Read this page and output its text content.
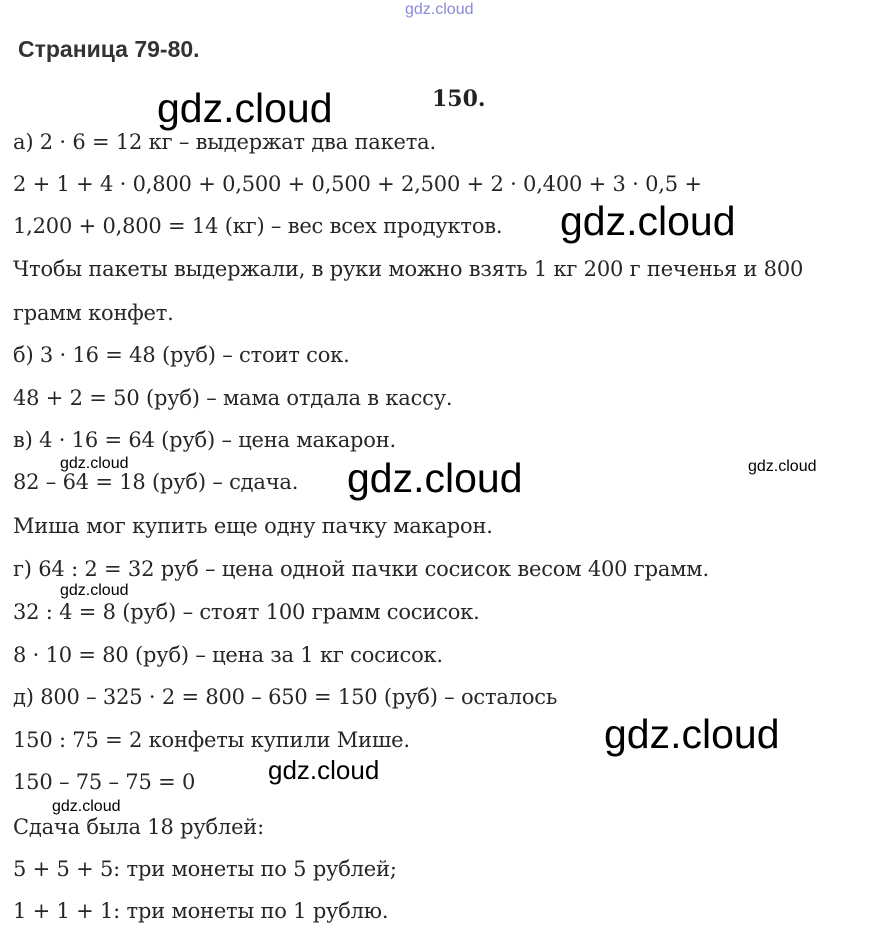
Страница 79-80.
150.
а) 2 · 6 = 12 кг – выдержат два пакета.
2 + 1 + 4 · 0,800 + 0,500 + 0,500 + 2,500 + 2 · 0,400 + 3 · 0,5 +
1,200 + 0,800 = 14 (кг) – вес всех продуктов.
Чтобы пакеты выдержали, в руки можно взять 1 кг 200 г печенья и 800
грамм конфет.
б) 3 · 16 = 48 (руб) – стоит сок.
48 + 2 = 50 (руб) – мама отдала в кассу.
в) 4 · 16 = 64 (руб) – цена макарон.
82 – 64 = 18 (руб) – сдача.
Миша мог купить еще одну пачку макарон.
г) 64 : 2 = 32 руб – цена одной пачки сосисок весом 400 грамм.
32 : 4 = 8 (руб) – стоят 100 грамм сосисок.
8 · 10 = 80 (руб) – цена за 1 кг сосисок.
д) 800 – 325 · 2 = 800 – 650 = 150 (руб) – осталось
150 : 75 = 2 конфеты купили Мише.
150 – 75 – 75 = 0
Сдача была 18 рублей:
5 + 5 + 5: три монеты по 5 рублей;
1 + 1 + 1: три монеты по 1 рублю.
gdz.cloud
gdz.cloud
gdz.cloud
gdz.cloud	gdz.cloud	gdz.cloud
gdz.cloud
gdz.cloud
gdz.cloud
gdz.cloud
